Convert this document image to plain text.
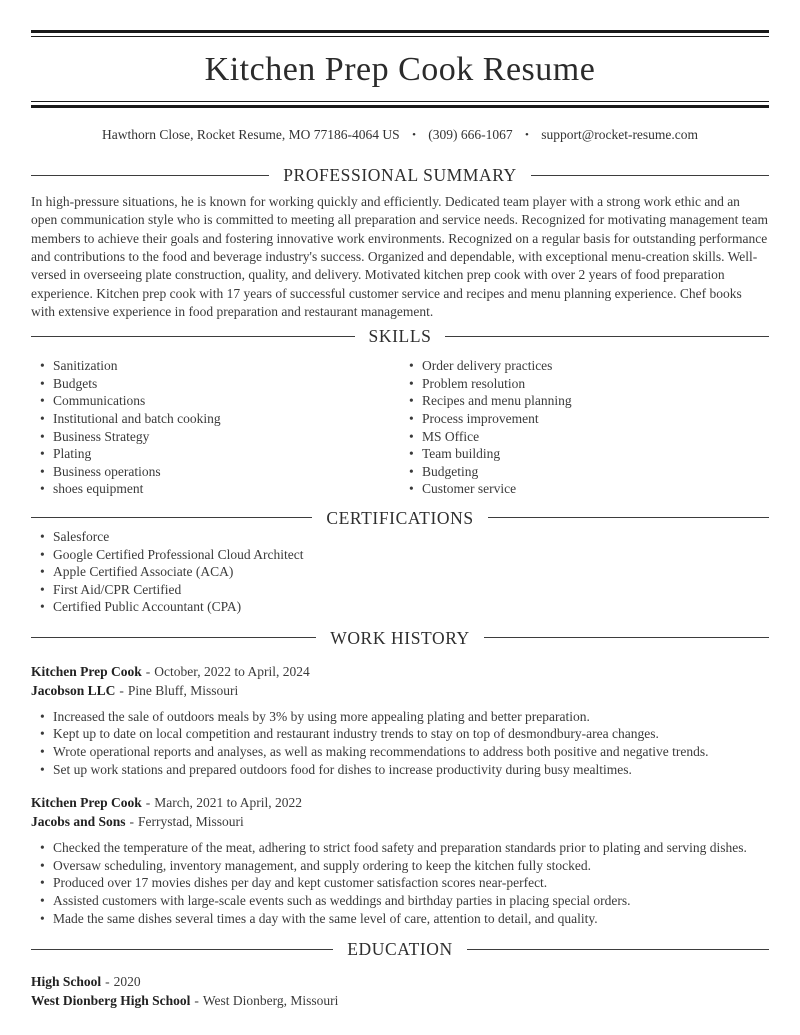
Kitchen Prep Cook Resume

Hawthorn Close, Rocket Resume, MO 77186-4064 US • (309) 666-1067 • support@rocket-resume.com

PROFESSIONAL SUMMARY

In high-pressure situations, he is known for working quickly and efficiently. Dedicated team player with a strong work ethic and an open communication style who is committed to meeting all preparation and service needs. Recognized for motivating management team members to achieve their goals and fostering innovative work environments. Recognized on a regular basis for outstanding performance and contributions to the food and beverage industry's success. Organized and dependable, with exceptional menu-creation skills. Well-versed in overseeing plate construction, quality, and delivery. Motivated kitchen prep cook with over 2 years of food preparation experience. Kitchen prep cook with 17 years of successful customer service and recipes and menu planning experience. Chef books with extensive experience in food preparation and restaurant management.

SKILLS
• Sanitization
• Budgets
• Communications
• Institutional and batch cooking
• Business Strategy
• Plating
• Business operations
• shoes equipment
• Order delivery practices
• Problem resolution
• Recipes and menu planning
• Process improvement
• MS Office
• Team building
• Budgeting
• Customer service
CERTIFICATIONS
• Salesforce
• Google Certified Professional Cloud Architect
• Apple Certified Associate (ACA)
• First Aid/CPR Certified
• Certified Public Accountant (CPA)
WORK HISTORY

Kitchen Prep Cook - October, 2022 to April, 2024

Jacobson LLC - Pine Bluff, Missouri

• Increased the sale of outdoors meals by 3% by using more appealing plating and better preparation.
• Kept up to date on local competition and restaurant industry trends to stay on top of desmondbury-area changes.
• Wrote operational reports and analyses, as well as making recommendations to address both positive and negative trends.
• Set up work stations and prepared outdoors food for dishes to increase productivity during busy mealtimes.

Kitchen Prep Cook - March, 2021 to April, 2022

Jacobs and Sons - Ferrystad, Missouri

• Checked the temperature of the meat, adhering to strict food safety and preparation standards prior to plating and serving dishes.
• Oversaw scheduling, inventory management, and supply ordering to keep the kitchen fully stocked.
• Produced over 17 movies dishes per day and kept customer satisfaction scores near-perfect.
• Assisted customers with large-scale events such as weddings and birthday parties in placing special orders.
• Made the same dishes several times a day with the same level of care, attention to detail, and quality.
EDUCATION

High School - 2020

West Dionberg High School - West Dionberg, Missouri
